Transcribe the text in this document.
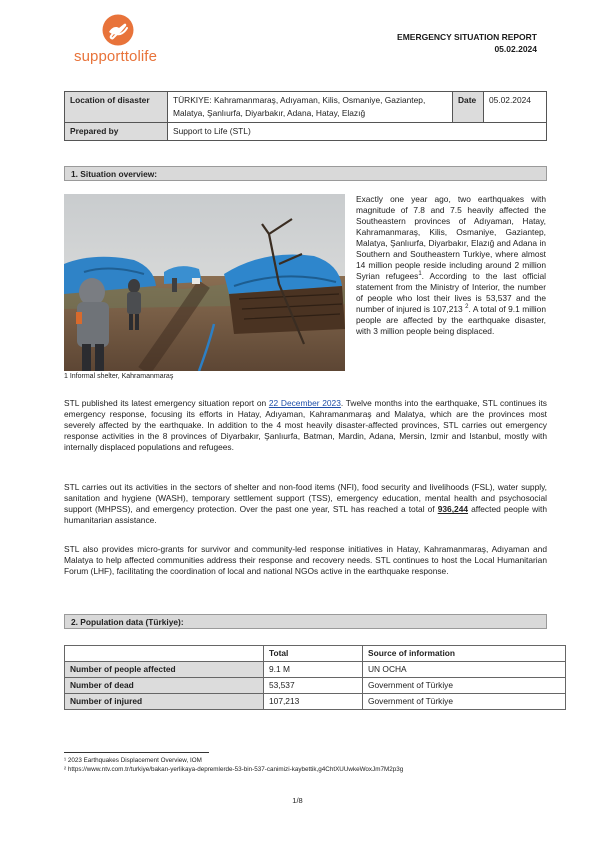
supporttolife
EMERGENCY SITUATION REPORT
05.02.2024
Location of disaster	TÜRKIYE: Kahramanmaraş, Adıyaman, Kilis, Osmaniye, Gaziantep, Malatya, Şanlıurfa, Diyarbakır, Adana, Hatay, Elazığ	Date	05.02.2024
Prepared by	Support to Life (STL)		
1. Situation overview:
1 Informal shelter, Kahramanmaraş
Exactly one year ago, two earthquakes with magnitude of 7.8 and 7.5 heavily affected the Southeastern provinces of Adıyaman, Hatay, Kahramanmaraş, Kilis, Osmaniye, Gaziantep, Malatya, Şanlıurfa, Diyarbakır, Elazığ and Adana in Southern and Southeastern Turkiye, where almost 14 million people reside including around 2 million Syrian refugees$^1$. According to the last official statement from the Ministry of Interior, the number of people who lost their lives is 53,537 and the number of injured is 107,213 $^2$. A total of 9.1 million people are affected by the earthquake disaster, with 3 million people being displaced.
STL published its latest emergency situation report on 22 December 2023. Twelve months into the earthquake, STL continues its emergency response, focusing its efforts in Hatay, Adıyaman, Kahramanmaraş and Malatya, which are the provinces most severely affected by the earthquake. In addition to the 4 most heavily disaster-affected provinces, STL carries out emergency response activities in the 8 provinces of Diyarbakır, Şanlıurfa, Batman, Mardin, Adana, Mersin, Izmir and Istanbul, mostly with internally displaced populations and refugees.
STL carries out its activities in the sectors of shelter and non-food items (NFI), food security and livelihoods (FSL), water supply, sanitation and hygiene (WASH), temporary settlement support (TSS), emergency education, mental health and psychosocial support (MHPSS), and emergency protection. Over the past one year, STL has reached a total of 936,244 affected people with humanitarian assistance.
STL also provides micro-grants for survivor and community-led response initiatives in Hatay, Kahramanmaraş, Adıyaman and Malatya to help affected communities address their response and recovery needs. STL continues to host the Local Humanitarian Forum (LHF), facilitating the coordination of local and national NGOs active in the earthquake response.
2. Population data (Türkiye):
	Total	Source of information
Number of people affected	9.1 M	UN OCHA
Number of dead	53,537	Government of Türkiye
Number of injured	107,213	Government of Türkiye
¹ 2023 Earthquakes Displacement Overview, IOM
² https://www.ntv.com.tr/turkiye/bakan-yerlikaya-depremlerde-53-bin-537-canimizi-kaybettik,g4ChtXUUwkeWoxJm7M2p3g
1/8
